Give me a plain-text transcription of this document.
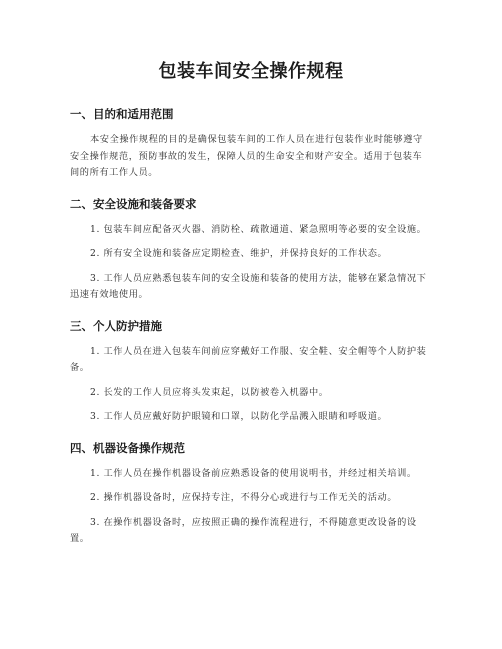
包装车间安全操作规程
一、目的和适用范围

本安全操作规程的目的是确保包装车间的工作人员在进行包装作业时能够遵守安全操作规范，预防事故的发生，保障人员的生命安全和财产安全。适用于包装车间的所有工作人员。

二、安全设施和装备要求

1. 包装车间应配备灭火器、消防栓、疏散通道、紧急照明等必要的安全设施。

2. 所有安全设施和装备应定期检查、维护，并保持良好的工作状态。

3. 工作人员应熟悉包装车间的安全设施和装备的使用方法，能够在紧急情况下迅速有效地使用。

三、个人防护措施

1. 工作人员在进入包装车间前应穿戴好工作服、安全鞋、安全帽等个人防护装备。

2. 长发的工作人员应将头发束起，以防被卷入机器中。

3. 工作人员应戴好防护眼镜和口罩，以防化学品溅入眼睛和呼吸道。

四、机器设备操作规范

1. 工作人员在操作机器设备前应熟悉设备的使用说明书，并经过相关培训。

2. 操作机器设备时，应保持专注，不得分心或进行与工作无关的活动。

3. 在操作机器设备时，应按照正确的操作流程进行，不得随意更改设备的设置。
